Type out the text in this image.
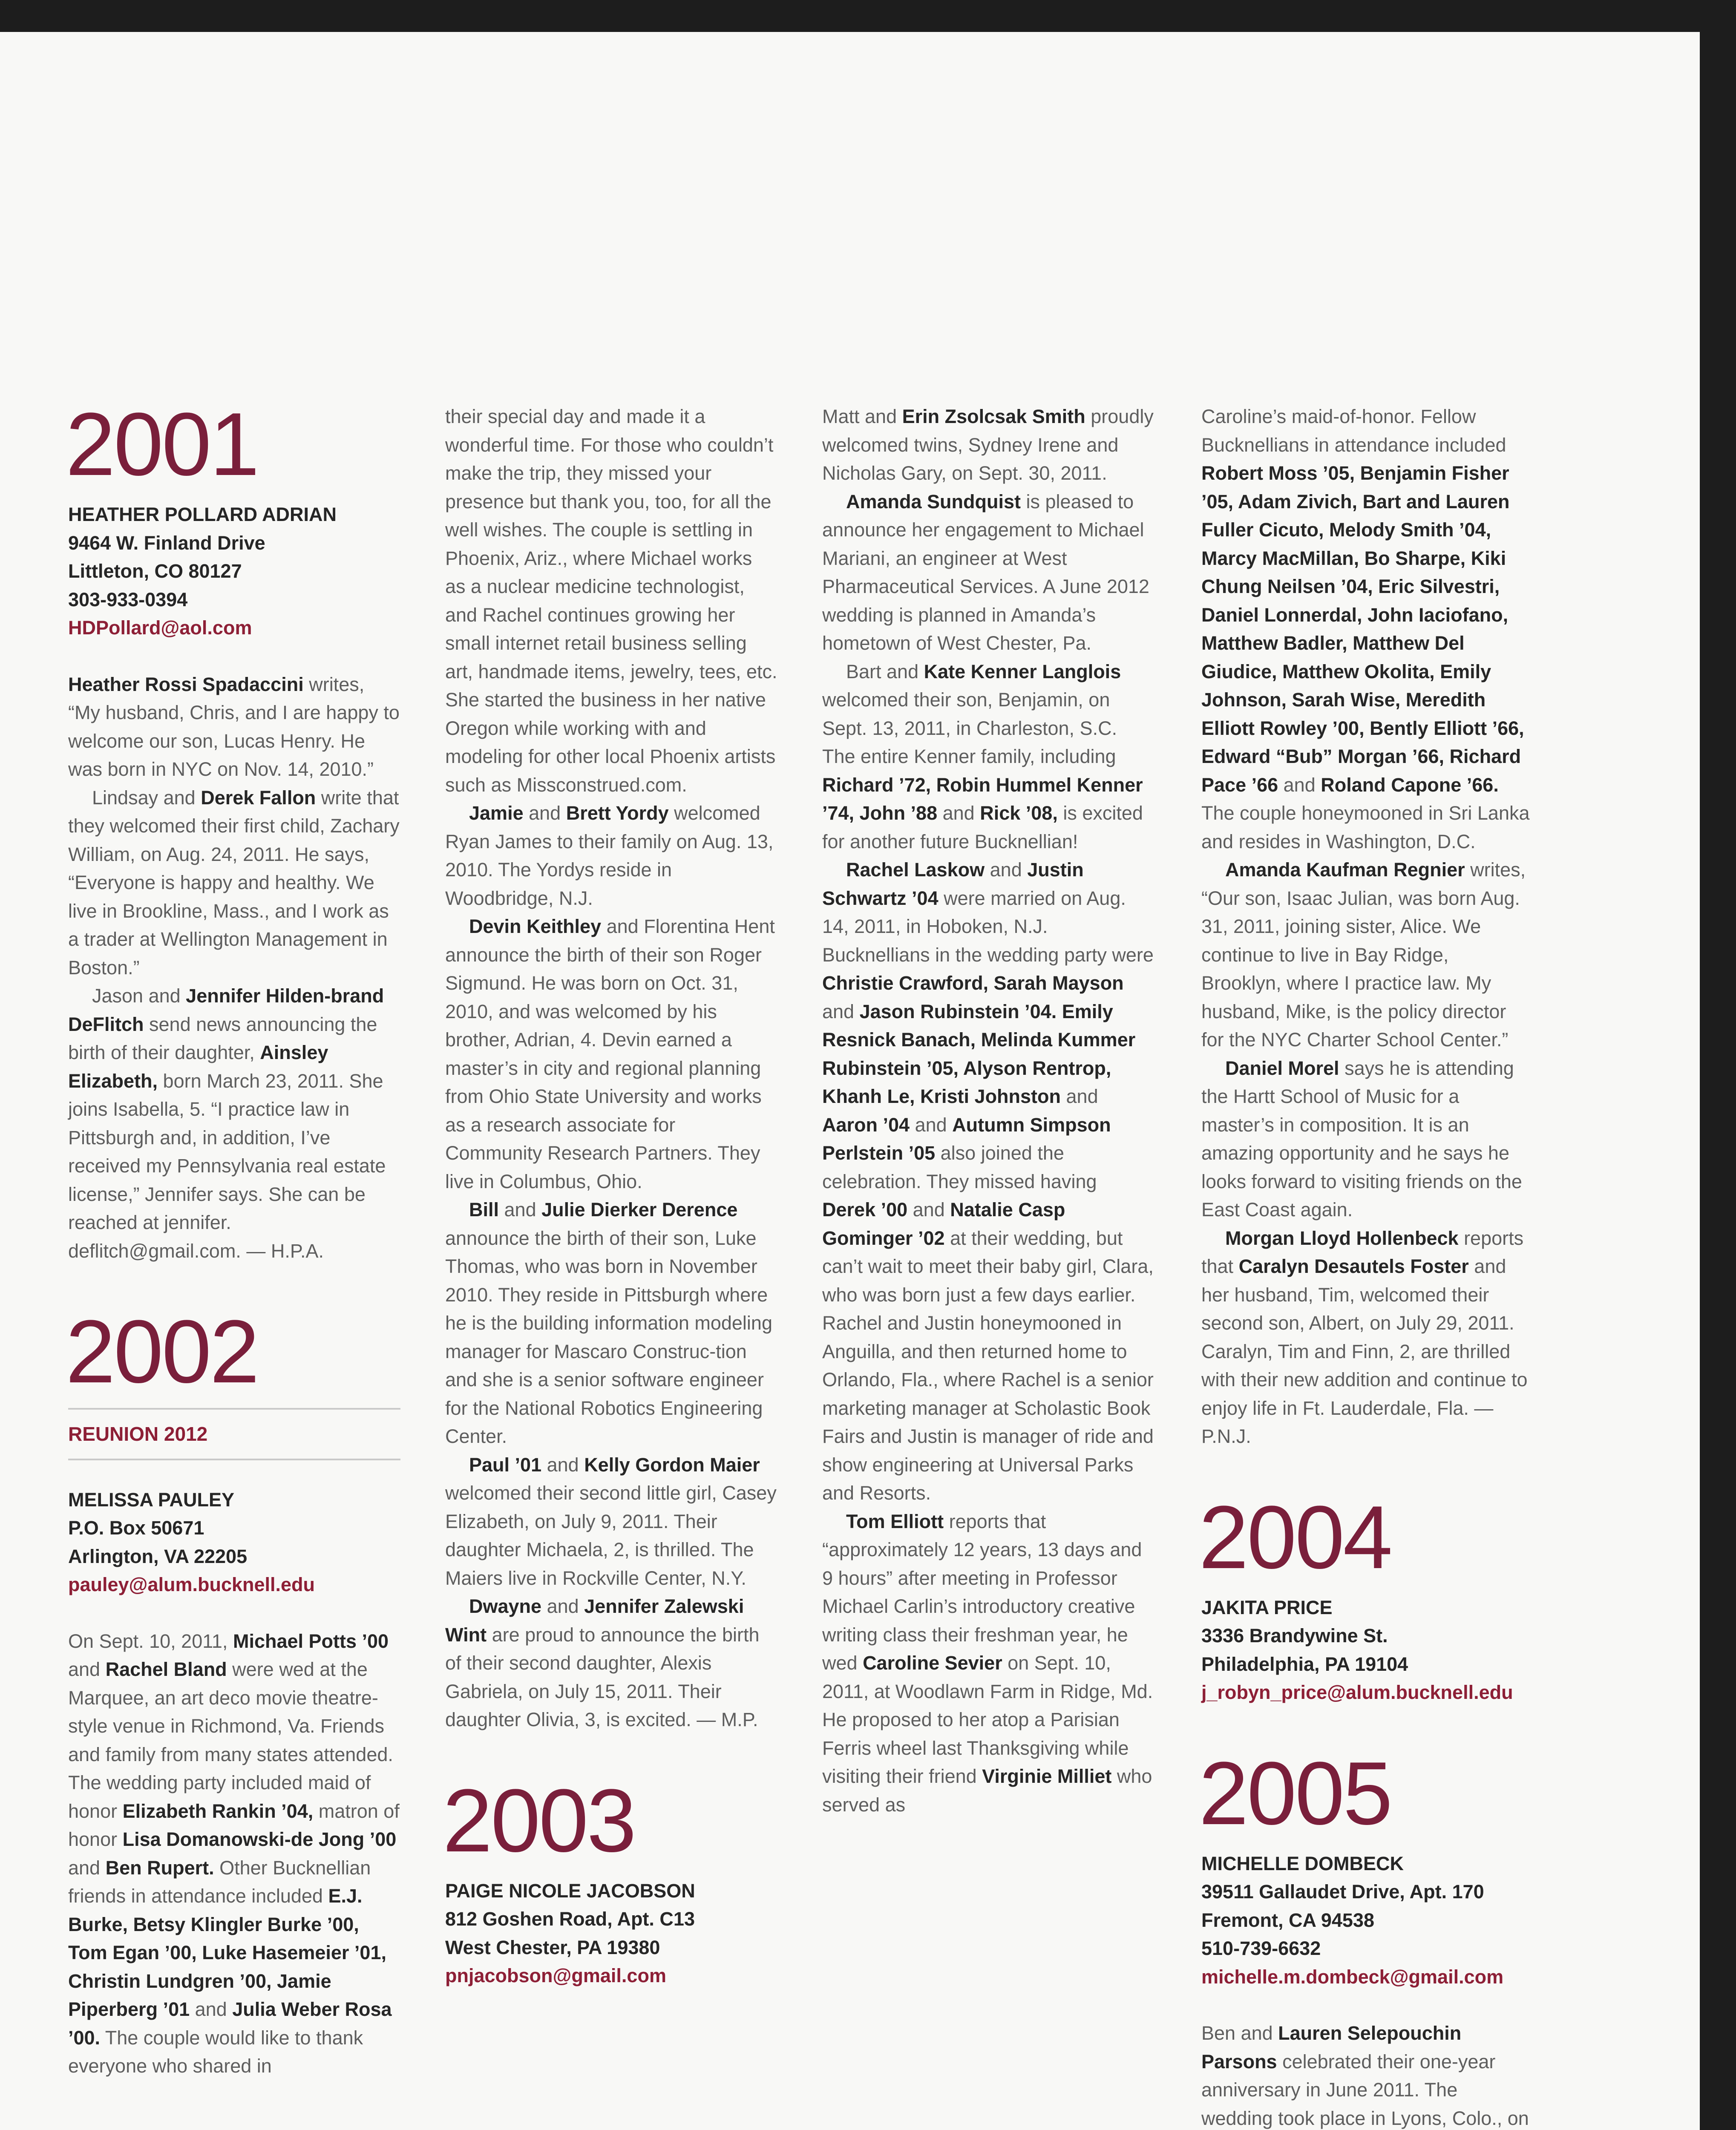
2001

HEATHER POLLARD ADRIAN

9464 W. Finland Drive

Littleton, CO 80127

303-933-0394

HDPollard@aol.com

Heather Rossi Spadaccini writes, “My husband, Chris, and I are happy to welcome our son, Lucas Henry. He was born in NYC on Nov. 14, 2010.”

Lindsay and Derek Fallon write that they welcomed their first child, Zachary William, on Aug. 24, 2011. He says, “Everyone is happy and healthy. We live in Brookline, Mass., and I work as a trader at Wellington Management in Boston.”

Jason and Jennifer Hilden-brand DeFlitch send news announcing the birth of their daughter, Ainsley Elizabeth, born March 23, 2011. She joins Isabella, 5. “I practice law in Pittsburgh and, in addition, I’ve received my Pennsylvania real estate license,” Jennifer says. She can be reached at jennifer. deflitch@gmail.com. — H.P.A.

2002
REUNION 2012

MELISSA PAULEY

P.O. Box 50671

Arlington, VA 22205

pauley@alum.bucknell.edu

On Sept. 10, 2011, Michael Potts ’00 and Rachel Bland were wed at the Marquee, an art deco movie theatre-style venue in Richmond, Va. Friends and family from many states attended. The wedding party included maid of honor Elizabeth Rankin ’04, matron of honor Lisa Domanowski-de Jong ’00 and Ben Rupert. Other Bucknellian friends in attendance included E.J. Burke, Betsy Klingler Burke ’00, Tom Egan ’00, Luke Hasemeier ’01, Christin Lundgren ’00, Jamie Piperberg ’01 and Julia Weber Rosa ’00. The couple would like to thank everyone who shared in

their special day and made it a wonderful time. For those who couldn’t make the trip, they missed your presence but thank you, too, for all the well wishes. The couple is settling in Phoenix, Ariz., where Michael works as a nuclear medicine technologist, and Rachel continues growing her small internet retail business selling art, handmade items, jewelry, tees, etc. She started the business in her native Oregon while working with and modeling for other local Phoenix artists such as Missconstrued.com.

Jamie and Brett Yordy welcomed Ryan James to their family on Aug. 13, 2010. The Yordys reside in Woodbridge, N.J.

Devin Keithley and Florentina Hent announce the birth of their son Roger Sigmund. He was born on Oct. 31, 2010, and was welcomed by his brother, Adrian, 4. Devin earned a master’s in city and regional planning from Ohio State University and works as a research associate for Community Research Partners. They live in Columbus, Ohio.

Bill and Julie Dierker Derence announce the birth of their son, Luke Thomas, who was born in November 2010. They reside in Pittsburgh where he is the building information modeling manager for Mascaro Construc-tion and she is a senior software engineer for the National Robotics Engineering Center.

Paul ’01 and Kelly Gordon Maier welcomed their second little girl, Casey Elizabeth, on July 9, 2011. Their daughter Michaela, 2, is thrilled. The Maiers live in Rockville Center, N.Y.

Dwayne and Jennifer Zalewski Wint are proud to announce the birth of their second daughter, Alexis Gabriela, on July 15, 2011. Their daughter Olivia, 3, is excited. — M.P.

2003

PAIGE NICOLE JACOBSON

812 Goshen Road, Apt. C13

West Chester, PA 19380

pnjacobson@gmail.com

Matt and Erin Zsolcsak Smith proudly welcomed twins, Sydney Irene and Nicholas Gary, on Sept. 30, 2011.

Amanda Sundquist is pleased to announce her engagement to Michael Mariani, an engineer at West Pharmaceutical Services. A June 2012 wedding is planned in Amanda’s hometown of West Chester, Pa.

Bart and Kate Kenner Langlois welcomed their son, Benjamin, on Sept. 13, 2011, in Charleston, S.C. The entire Kenner family, including Richard ’72, Robin Hummel Kenner ’74, John ’88 and Rick ’08, is excited for another future Bucknellian!

Rachel Laskow and Justin Schwartz ’04 were married on Aug. 14, 2011, in Hoboken, N.J. Bucknellians in the wedding party were Christie Crawford, Sarah Mayson and Jason Rubinstein ’04. Emily Resnick Banach, Melinda Kummer Rubinstein ’05, Alyson Rentrop, Khanh Le, Kristi Johnston and Aaron ’04 and Autumn Simpson Perlstein ’05 also joined the celebration. They missed having Derek ’00 and Natalie Casp Gominger ’02 at their wedding, but can’t wait to meet their baby girl, Clara, who was born just a few days earlier. Rachel and Justin honeymooned in Anguilla, and then returned home to Orlando, Fla., where Rachel is a senior marketing manager at Scholastic Book Fairs and Justin is manager of ride and show engineering at Universal Parks and Resorts.

Tom Elliott reports that “approximately 12 years, 13 days and 9 hours” after meeting in Professor Michael Carlin’s introductory creative writing class their freshman year, he wed Caroline Sevier on Sept. 10, 2011, at Woodlawn Farm in Ridge, Md. He proposed to her atop a Parisian Ferris wheel last Thanksgiving while visiting their friend Virginie Milliet who served as

Caroline’s maid-of-honor. Fellow Bucknellians in attendance included Robert Moss ’05, Benjamin Fisher ’05, Adam Zivich, Bart and Lauren Fuller Cicuto, Melody Smith ’04, Marcy MacMillan, Bo Sharpe, Kiki Chung Neilsen ’04, Eric Silvestri, Daniel Lonnerdal, John Iaciofano, Matthew Badler, Matthew Del Giudice, Matthew Okolita, Emily Johnson, Sarah Wise, Meredith Elliott Rowley ’00, Bently Elliott ’66, Edward “Bub” Morgan ’66, Richard Pace ’66 and Roland Capone ’66. The couple honeymooned in Sri Lanka and resides in Washington, D.C.

Amanda Kaufman Regnier writes, “Our son, Isaac Julian, was born Aug. 31, 2011, joining sister, Alice. We continue to live in Bay Ridge, Brooklyn, where I practice law. My husband, Mike, is the policy director for the NYC Charter School Center.”

Daniel Morel says he is attending the Hartt School of Music for a master’s in composition. It is an amazing opportunity and he says he looks forward to visiting friends on the East Coast again.

Morgan Lloyd Hollenbeck reports that Caralyn Desautels Foster and her husband, Tim, welcomed their second son, Albert, on July 29, 2011. Caralyn, Tim and Finn, 2, are thrilled with their new addition and continue to enjoy life in Ft. Lauderdale, Fla. — P.N.J.

2004

JAKITA PRICE

3336 Brandywine St.

Philadelphia, PA 19104

j_robyn_price@alum.bucknell.edu

2005

MICHELLE DOMBECK

39511 Gallaudet Drive, Apt. 170

Fremont, CA 94538

510-739-6632

michelle.m.dombeck@gmail.com

Ben and Lauren Selepouchin Parsons celebrated their one-year anniversary in June 2011. The wedding took place in Lyons, Colo., on
